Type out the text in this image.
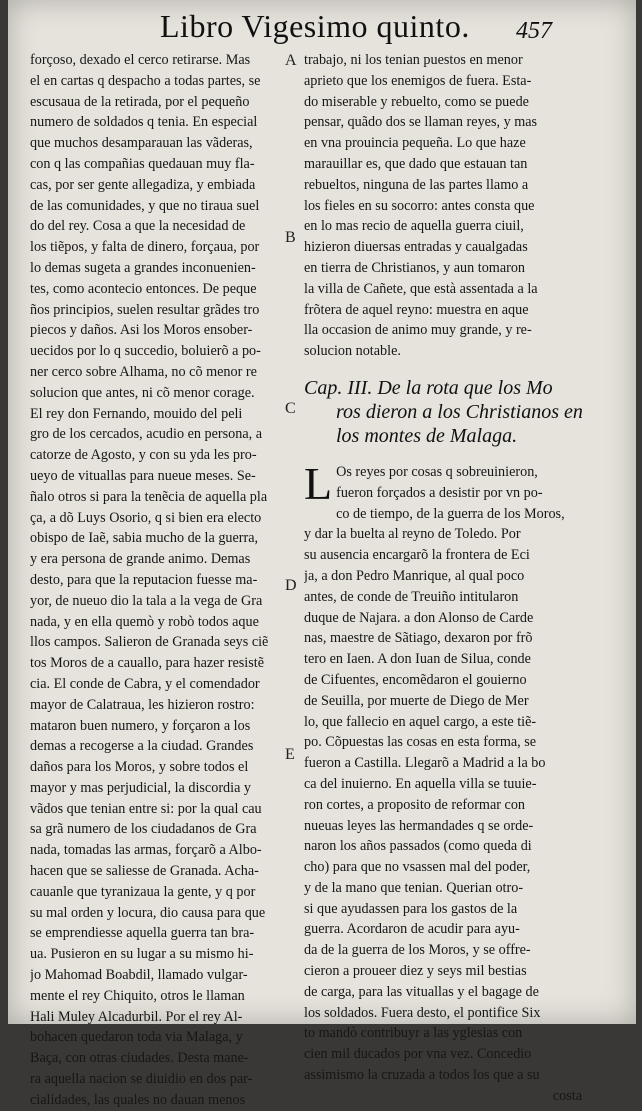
Libro Vigesimo quinto. 457
forçoso, dexado el cerco retirarse. Mas
el en cartas q despacho a todas partes, se
escusaua de la retirada, por el pequeño
numero de soldados q tenia. En especial
que muchos desamparauan las vãderas,
con q las compañias quedauan muy fla-
cas, por ser gente allegadiza, y embiada
de las comunidades, y que no tiraua suel
do del rey. Cosa a que la necesidad de
los tiẽpos, y falta de dinero, forçaua, por
lo demas sugeta a grandes inconuenien-
tes, como acontecio entonces. De peque
ños principios, suelen resultar grãdes tro
piecos y daños. Asi los Moros ensober-
uecidos por lo q succedio, boluierõ a po-
ner cerco sobre Alhama, no cõ menor re
solucion que antes, ni cõ menor corage.
El rey don Fernando, mouido del peli
gro de los cercados, acudio en persona, a
catorze de Agosto, y con su yda les pro-
ueyo de vituallas para nueue meses. Se-
ñalo otros si para la tenẽcia de aquella pla
ça, a dõ Luys Osorio, q si bien era electo
obispo de Iaẽ, sabia mucho de la guerra,
y era persona de grande animo. Demas
desto, para que la reputacion fuesse ma-
yor, de nueuo dio la tala a la vega de Gra
nada, y en ella quemò y robò todos aque
llos campos. Salieron de Granada seys ciẽ
tos Moros de a cauallo, para hazer resistẽ
cia. El conde de Cabra, y el comendador
mayor de Calatraua, les hizieron rostro:
mataron buen numero, y forçaron a los
demas a recogerse a la ciudad. Grandes
daños para los Moros, y sobre todos el
mayor y mas perjudicial, la discordia y
vãdos que tenian entre si: por la qual cau
sa grã numero de los ciudadanos de Gra
nada, tomadas las armas, forçarõ a Albo-
hacen que se saliesse de Granada. Acha-
cauanle que tyranizaua la gente, y q por
su mal orden y locura, dio causa para que
se emprendiesse aquella guerra tan bra-
ua. Pusieron en su lugar a su mismo hi-
jo Mahomad Boabdil, llamado vulgar-
mente el rey Chiquito, otros le llaman
Hali Muley Alcadurbil. Por el rey Al-
bohacen quedaron toda via Malaga, y
Baça, con otras ciudades. Desta mane-
ra aquella nacion se diuidio en dos par-
cialidades, las quales no dauan menos
A
B
C
D
E
trabajo, ni los tenian puestos en menor
aprieto que los enemigos de fuera. Esta-
do miserable y rebuelto, como se puede
pensar, quãdo dos se llaman reyes, y mas
en vna prouincia pequeña. Lo que haze
marauillar es, que dado que estauan tan
rebueltos, ninguna de las partes llamo a
los fieles en su socorro: antes consta que
en lo mas recio de aquella guerra ciuil,
hizieron diuersas entradas y caualgadas
en tierra de Christianos, y aun tomaron
la villa de Cañete, que està assentada a la
frõtera de aquel reyno: muestra en aque
lla occasion de animo muy grande, y re-
solucion notable.
Cap. III. De la rota que los Mo
ros dieron a los Christianos en
los montes de Malaga.
L Os reyes por cosas q sobreuinieron,
fueron forçados a desistir por vn po-
co de tiempo, de la guerra de los Moros,
y dar la buelta al reyno de Toledo. Por
su ausencia encargarõ la frontera de Eci
ja, a don Pedro Manrique, al qual poco
antes, de conde de Treuiño intitularon
duque de Najara. a don Alonso de Carde
nas, maestre de Sãtiago, dexaron por frõ
tero en Iaen. A don Iuan de Silua, conde
de Cifuentes, encomẽdaron el gouierno
de Seuilla, por muerte de Diego de Mer
lo, que fallecio en aquel cargo, a este tiẽ-
po. Cõpuestas las cosas en esta forma, se
fueron a Castilla. Llegarõ a Madrid a la bo
ca del inuierno. En aquella villa se tuuie-
ron cortes, a proposito de reformar con
nueuas leyes las hermandades q se orde-
naron los años passados (como queda di
cho) para que no vsassen mal del poder,
y de la mano que tenian. Querian otro-
si que ayudassen para los gastos de la
guerra. Acordaron de acudir para ayu-
da de la guerra de los Moros, y se offre-
cieron a proueer diez y seys mil bestias
de carga, para las vituallas y el bagage de
los soldados. Fuera desto, el pontifice Six
to mandò contribuyr a las yglesias con
cien mil ducados por vna vez. Concedio
assimismo la cruzada a todos los que a su
costa
